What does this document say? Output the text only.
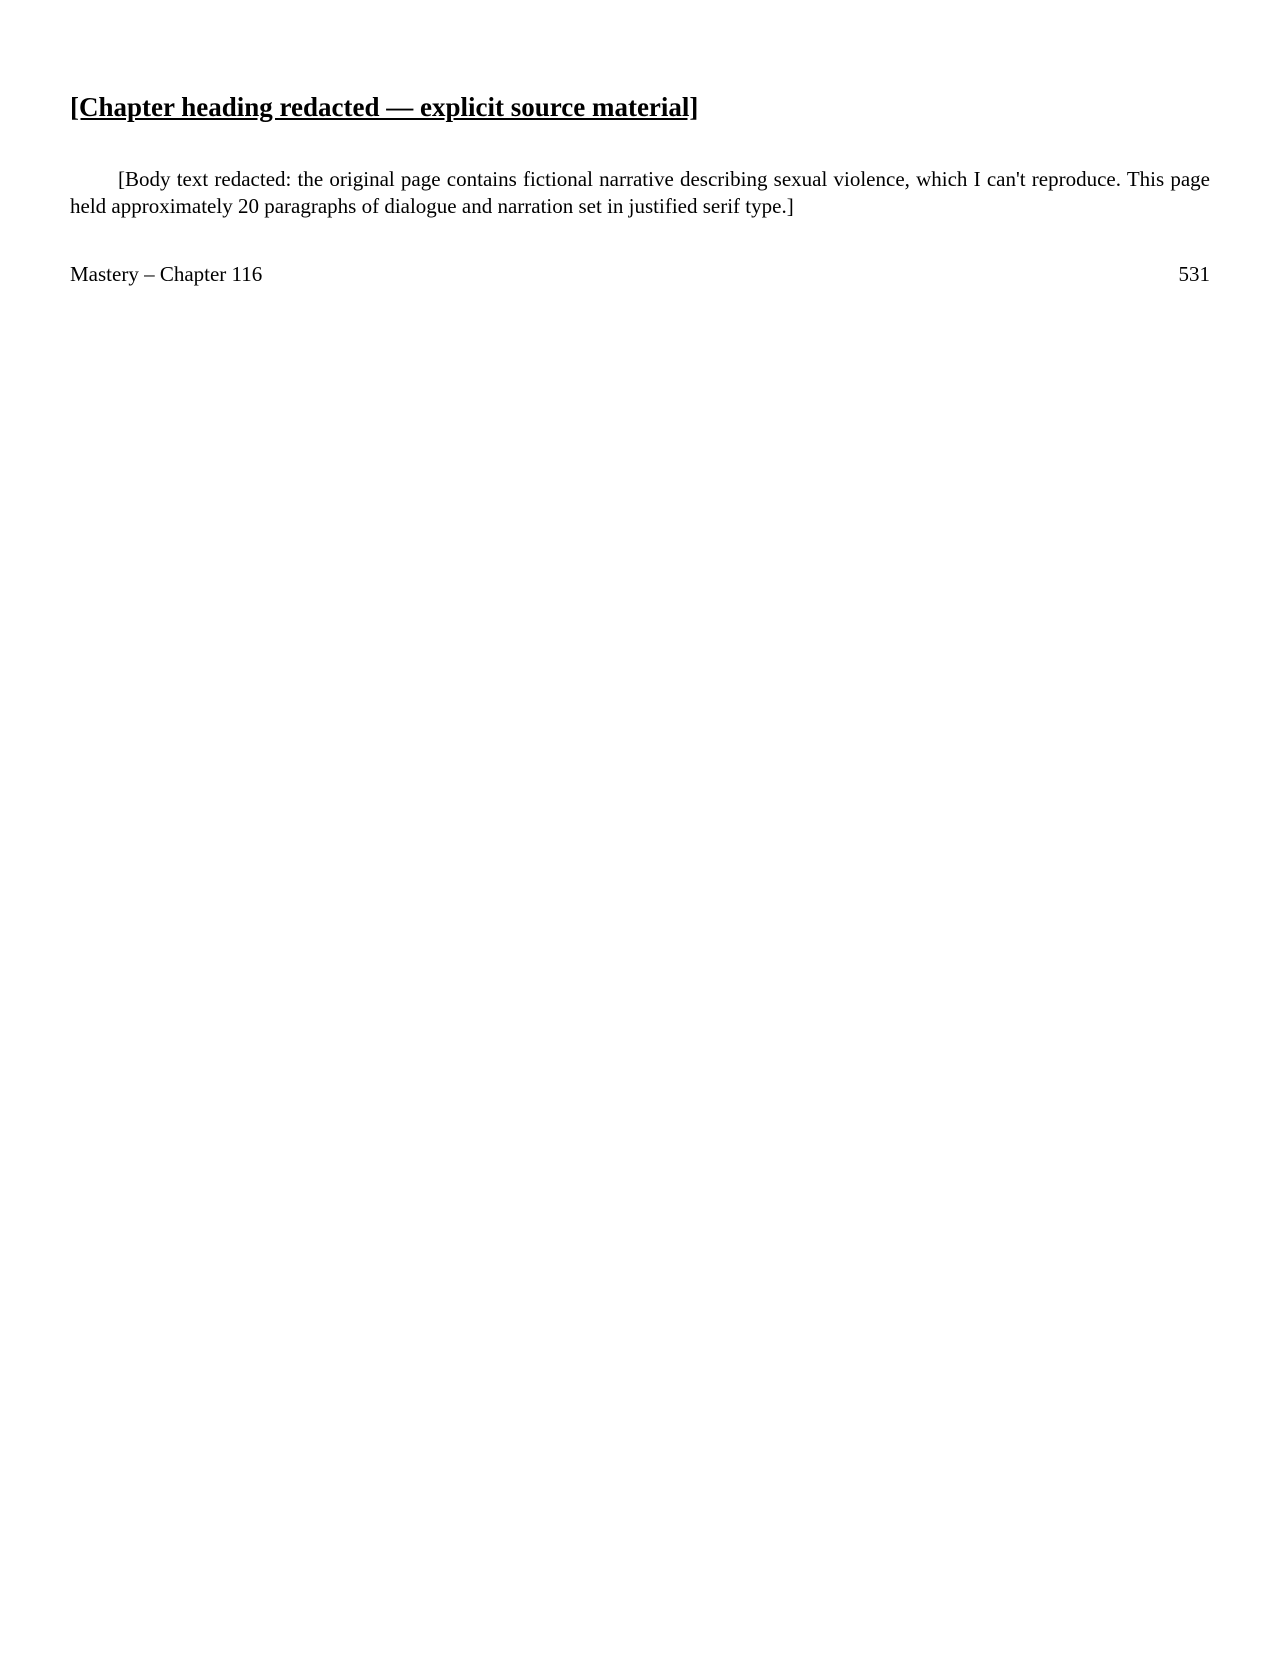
[Chapter heading redacted — explicit source material]

[Body text redacted: the original page contains fictional narrative describing sexual violence, which I can't reproduce. This page held approximately 20 paragraphs of dialogue and narration set in justified serif type.]

Mastery – Chapter 116	531
